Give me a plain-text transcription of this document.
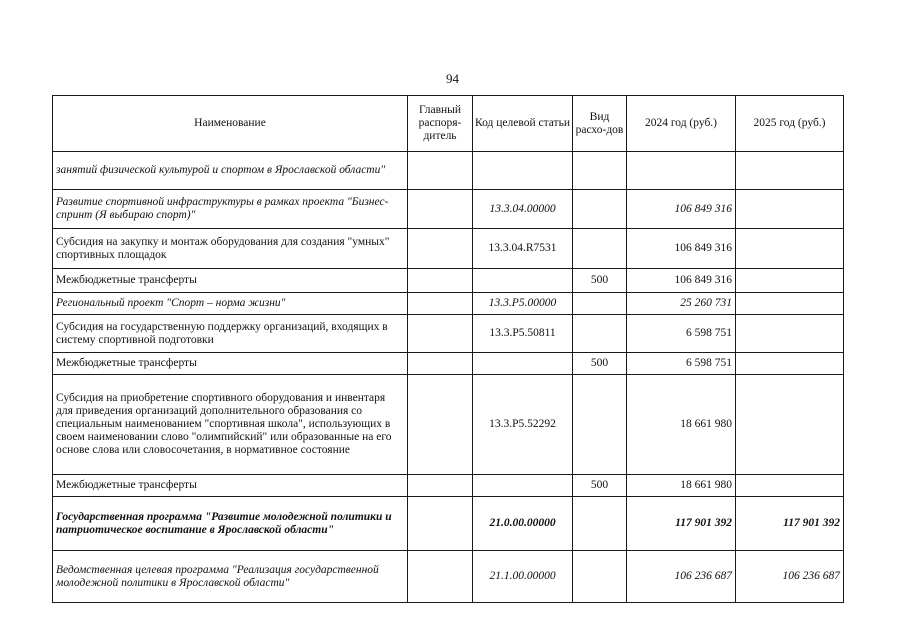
94
Наименование	Главный распоря-дитель	Код целевой статьи	Вид расхо-дов	2024 год (руб.)	2025 год (руб.)
занятий физической культурой и спортом в Ярославской области"					
Развитие спортивной инфраструктуры в рамках проекта "Бизнес-спринт (Я выбираю спорт)"		13.3.04.00000		106 849 316	
Субсидия на закупку и монтаж оборудования для создания "умных" спортивных площадок		13.3.04.R7531		106 849 316	
Межбюджетные трансферты			500	106 849 316	
Региональный проект "Спорт – норма жизни"		13.3.P5.00000		25 260 731	
Субсидия на государственную поддержку организаций, входящих в систему спортивной подготовки		13.3.P5.50811		6 598 751	
Межбюджетные трансферты			500	6 598 751	
Субсидия на приобретение спортивного оборудования и инвентаря для приведения организаций дополнительного образования со специальным наименованием "спортивная школа", использующих в своем наименовании слово "олимпийский" или образованные на его основе слова или словосочетания, в нормативное состояние		13.3.P5.52292		18 661 980	
Межбюджетные трансферты			500	18 661 980	
Государственная программа "Развитие молодежной политики и патриотическое воспитание в Ярославской области"		21.0.00.00000		117 901 392	117 901 392
Ведомственная целевая программа "Реализация государственной молодежной политики в Ярославской области"		21.1.00.00000		106 236 687	106 236 687
